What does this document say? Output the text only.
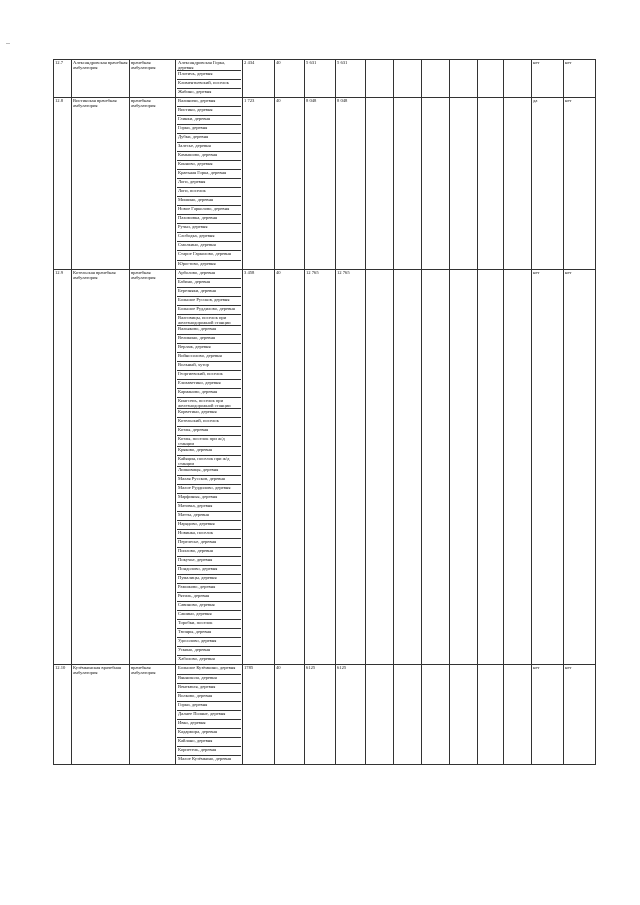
12.7	Александровская врачебная амбулатория	врачебная амбулатория	
Александровская Горка, деревня
Плотичь, деревня
Климентьевский, поселок
Жабино, деревня
	2 434	40	5 631	5 631							нет	нет
12.8	Вистинская врачебная амбулатория	врачебная амбулатория	
Валиничи, деревня
Вистино, деревня
Глинки, деревня
Горки, деревня
Дубки, деревня
Залесье, деревня
Камышово, деревня
Конново, деревня
Краеьная Горка, деревня
Логи, деревня
Логи, поселок
Мишино, деревня
Новое Гарколово, деревня
Пахомовка, деревня
Ручьи, деревня
Слободка, деревня
Смолкино, деревня
Старое Гарколово, деревня
Юрогтово, деревня
	1 723	40	8 048	8 048							да	нет
12.9	Котельская врачебная амбулатория	врачебная амбулатория	
Арболово, деревня
Бабино, деревня
Березняки, деревня
Большое Руссков, деревня
Большое Руддилово, деревня
Валговицы, поселок при железнодорожной станции
Вальяково, деревня
Великино, деревня
Верлаж, деревня
Войносолово, деревня
Вольный, хутор
Георгиевский, поселок
Елизаветино, деревня
Карманово, деревня
Кингсепь, поселок при железнодорожной станции
Корветино, деревня
Котельский, поселок
Котлы, деревня
Котлы, поселок при ж/д станции
Кряково, деревня
Кайяцин, поселок при ж/д станции
Липковицы, деревня
Малая Руссков, деревня
Малое Руддилово, деревня
Марфиньы, деревня
Матовка, деревня
Матты, деревня
Нарядово, деревня
Новинка, поселок
Перелесье, деревня
Пиллово, деревня
Покучье, деревня
Пондолово, деревня
Пумалицы, деревня
Раможово, деревня
Рятиль, деревня
Савиново, деревня
Сашино, деревня
Торобки, поселок
Тюзяры, деревня
Удосолово, деревня
Ускино, деревня
Хаболово, деревня
	3 458	40	12 765	12 765							нет	нет
12.10	Кузёмкинская врачебная амбулатория	врачебная амбулатория	
Большое Кузёмкино, деревня
Вяннокола, деревня
Венекюля, деревня
Волково, деревня
Горки, деревня
Далнее Поляне, деревня
Ивко, деревня
Кадармора, деревня
Кайлано, деревня
Корпетель, деревня
Малое Кузёмкино, деревня
	1785	40	6125	6125							нет	нет
